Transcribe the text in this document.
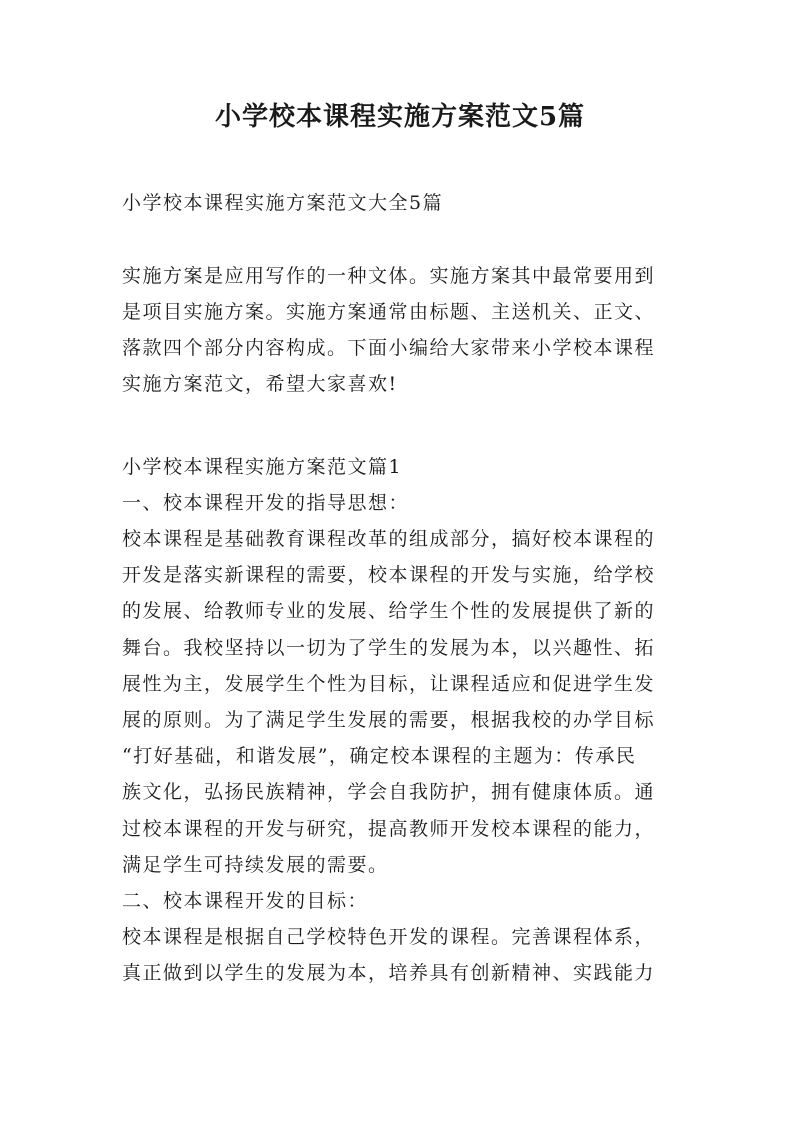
小学校本课程实施方案范文5篇

小学校本课程实施方案范文大全5篇

实施方案是应用写作的一种文体。实施方案其中最常要用到

是项目实施方案。实施方案通常由标题、主送机关、正文、

落款四个部分内容构成。下面小编给大家带来小学校本课程

实施方案范文，希望大家喜欢!

小学校本课程实施方案范文篇1

一、校本课程开发的指导思想：

校本课程是基础教育课程改革的组成部分，搞好校本课程的

开发是落实新课程的需要，校本课程的开发与实施，给学校

的发展、给教师专业的发展、给学生个性的发展提供了新的

舞台。我校坚持以一切为了学生的发展为本，以兴趣性、拓

展性为主，发展学生个性为目标，让课程适应和促进学生发

展的原则。为了满足学生发展的需要，根据我校的办学目标

“打好基础，和谐发展”，确定校本课程的主题为：传承民

族文化，弘扬民族精神，学会自我防护，拥有健康体质。通

过校本课程的开发与研究，提高教师开发校本课程的能力，

满足学生可持续发展的需要。

二、校本课程开发的目标：

校本课程是根据自己学校特色开发的课程。完善课程体系，

真正做到以学生的发展为本，培养具有创新精神、实践能力
